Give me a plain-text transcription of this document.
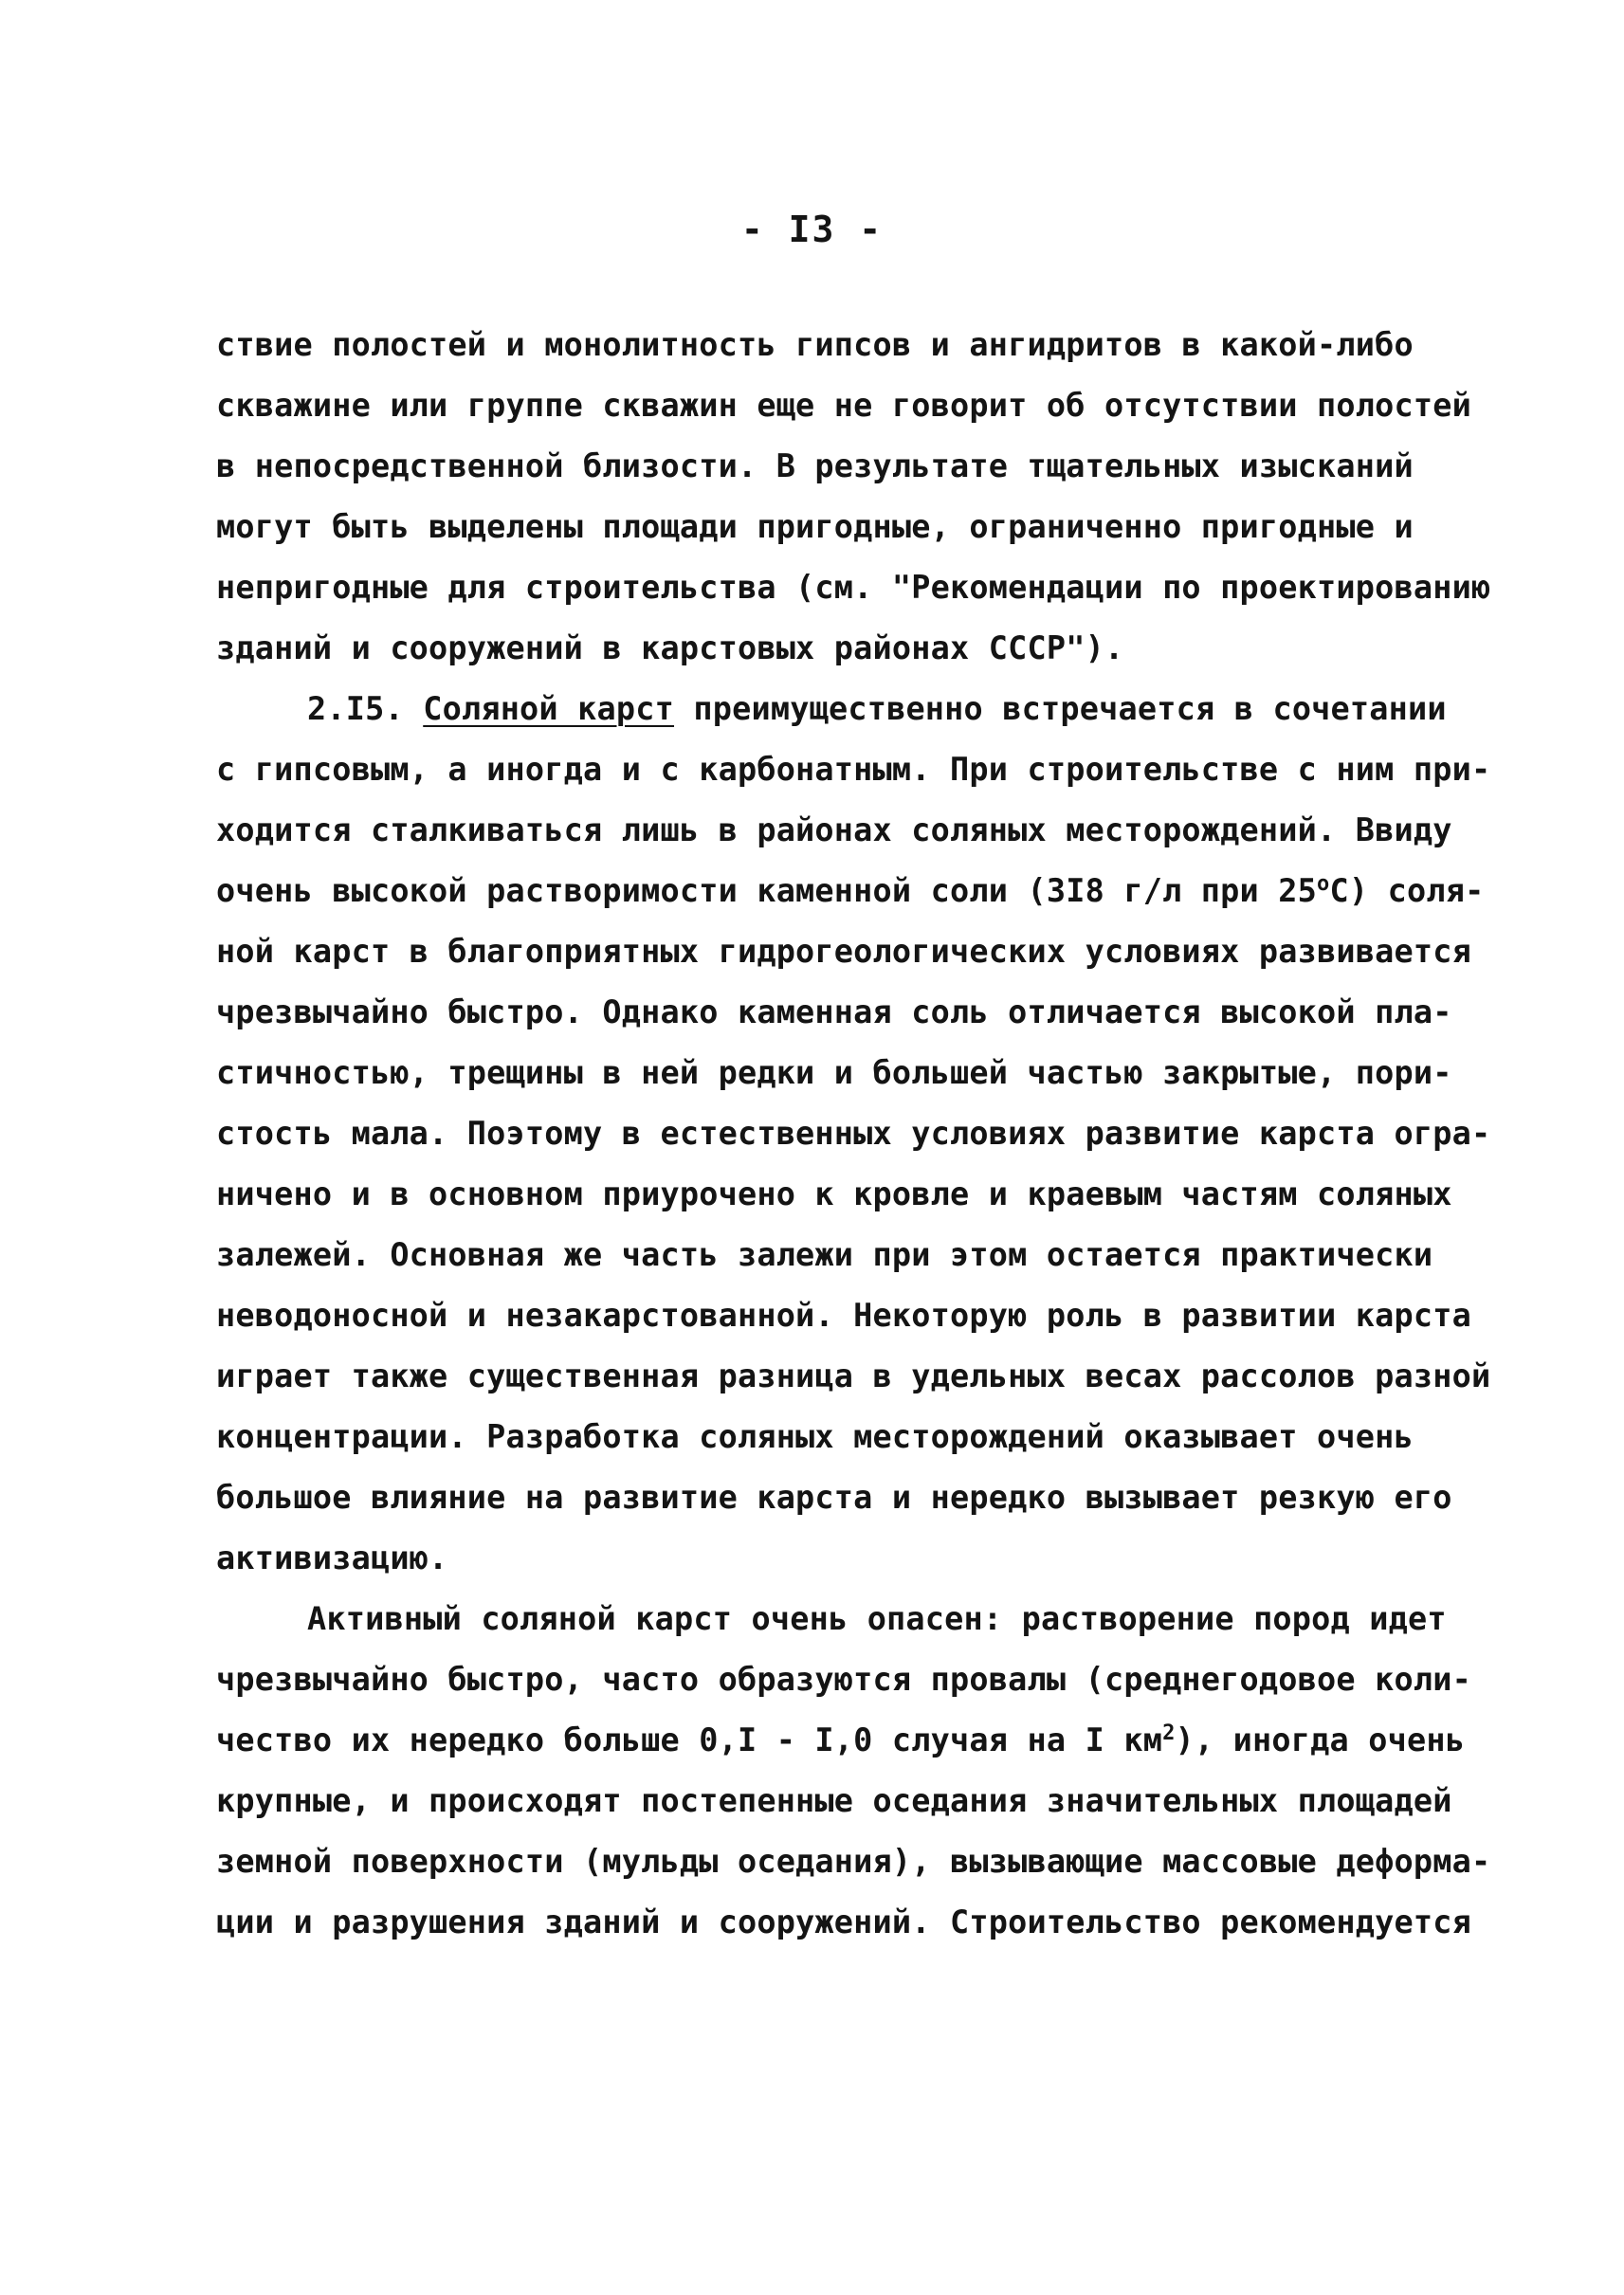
- I3 -
ствие полостей и монолитность гипсов и ангидритов в какой-либо
скважине или группе скважин еще не говорит об отсутствии полостей
в непосредственной близости. В результате тщательных изысканий
могут быть выделены площади пригодные, ограниченно пригодные и
непригодные для строительства (см. "Рекомендации по проектированию
зданий и сооружений в карстовых районах СССР").
2.I5. Соляной карст преимущественно встречается в сочетании
с гипсовым, а иногда и с карбонатным. При строительстве с ним при-
ходится сталкиваться лишь в районах соляных месторождений. Ввиду
очень высокой растворимости каменной соли (3I8 г/л при $25^оС$) соля-
ной карст в благоприятных гидрогеологических условиях развивается
чрезвычайно быстро. Однако каменная соль отличается высокой пла-
стичностью, трещины в ней редки и большей частью закрытые, пори-
стость мала. Поэтому в естественных условиях развитие карста огра-
ничено и в основном приурочено к кровле и краевым частям соляных
залежей. Основная же часть залежи при этом остается практически
неводоносной и незакарстованной. Некоторую роль в развитии карста
играет также существенная разница в удельных весах рассолов разной
концентрации. Разработка соляных месторождений оказывает очень
большое влияние на развитие карста и нередко вызывает резкую его
активизацию.
Активный соляной карст очень опасен: растворение пород идет
чрезвычайно быстро, часто образуются провалы (среднегодовое коли-
чество их нередко больше 0,I - I,0 случая на I $км^2$), иногда очень
крупные, и происходят постепенные оседания значительных площадей
земной поверхности (мульды оседания), вызывающие массовые деформа-
ции и разрушения зданий и сооружений. Строительство рекомендуется
